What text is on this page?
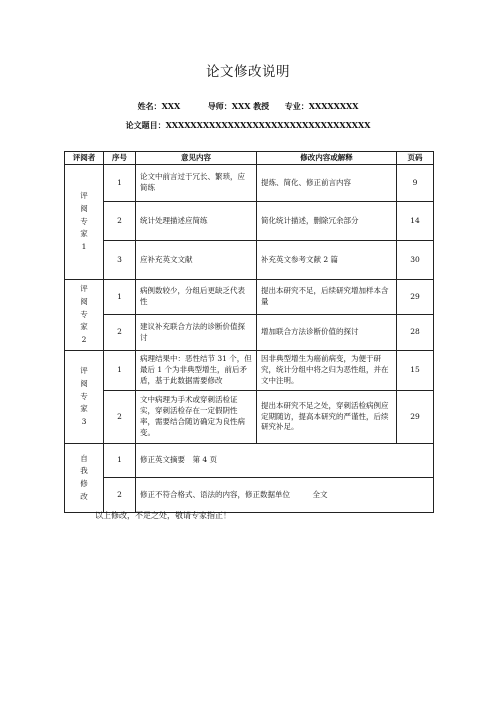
论文修改说明
姓名：XXX	导师：XXX 教授 专业：XXXXXXXX
论文题目：XXXXXXXXXXXXXXXXXXXXXXXXXXXXXXXXX
评阅者	序号	意见内容	修改内容或解释	页码

评
阅
专
家
1	1	论文中前言过于冗长、繁琐，应简练	提炼、简化、修正前言内容	9
	2	统计处理描述应简练	简化统计描述，删除冗余部分	14
	3	应补充英文文献	补充英文参考文献 2 篇	30

评
阅
专
家
2	1	病例数较少，分组后更缺乏代表性	提出本研究不足，后续研究增加样本含量	29
	2	建议补充联合方法的诊断价值探讨	增加联合方法诊断价值的探讨	28

评
阅
专
家
3	1	病理结果中：恶性结节 31 个，但最后 1 个为非典型增生，前后矛盾，基于此数据需要修改	因非典型增生为癌前病变，为便于研究，统计分组中将之归为恶性组，并在文中注明。	15
	2	文中病理为手术或穿刺活检证实，穿刺活检存在一定假阴性率，需要结合随访确定为良性病变。	提出本研究不足之处，穿刺活检病例应定期随访，提高本研究的严谨性，后续研究补足。	29

自
我
修
改	1	修正英文摘要　第 4 页		
	2	修正不符合格式、语法的内容，修正数据单位　　　全文		
以上修改，不足之处，敬请专家指正！
